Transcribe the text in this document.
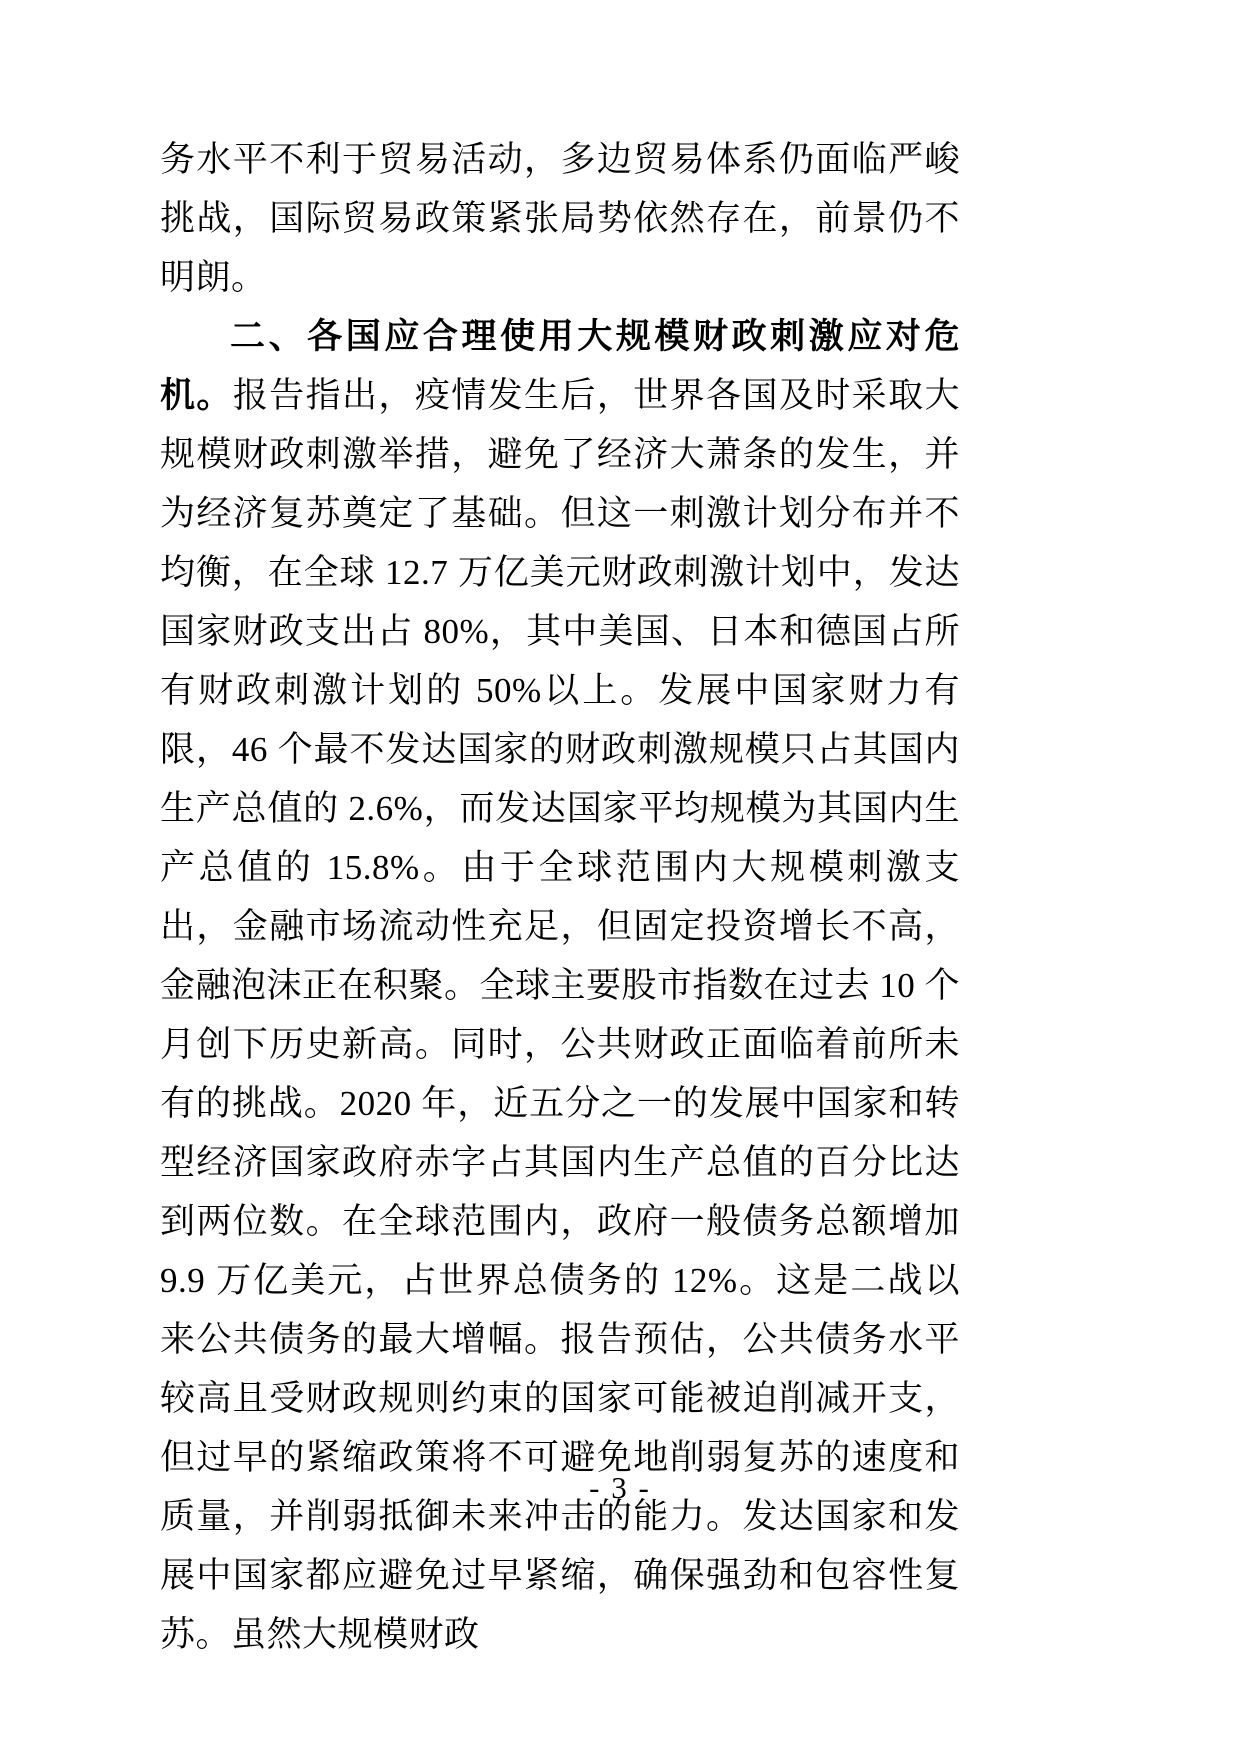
务水平不利于贸易活动，多边贸易体系仍面临严峻挑战，国际贸易政策紧张局势依然存在，前景仍不明朗。

二、各国应合理使用大规模财政刺激应对危机。报告指出，疫情发生后，世界各国及时采取大规模财政刺激举措，避免了经济大萧条的发生，并为经济复苏奠定了基础。但这一刺激计划分布并不均衡，在全球 12.7 万亿美元财政刺激计划中，发达国家财政支出占 80%，其中美国、日本和德国占所有财政刺激计划的 50%以上。发展中国家财力有限，46 个最不发达国家的财政刺激规模只占其国内生产总值的 2.6%，而发达国家平均规模为其国内生产总值的 15.8%。由于全球范围内大规模刺激支出，金融市场流动性充足，但固定投资增长不高，金融泡沫正在积聚。全球主要股市指数在过去 10 个月创下历史新高。同时，公共财政正面临着前所未有的挑战。2020 年，近五分之一的发展中国家和转型经济国家政府赤字占其国内生产总值的百分比达到两位数。在全球范围内，政府一般债务总额增加 9.9 万亿美元，占世界总债务的 12%。这是二战以来公共债务的最大增幅。报告预估，公共债务水平较高且受财政规则约束的国家可能被迫削减开支，但过早的紧缩政策将不可避免地削弱复苏的速度和质量，并削弱抵御未来冲击的能力。发达国家和发展中国家都应避免过早紧缩，确保强劲和包容性复苏。虽然大规模财政

- 3 -
